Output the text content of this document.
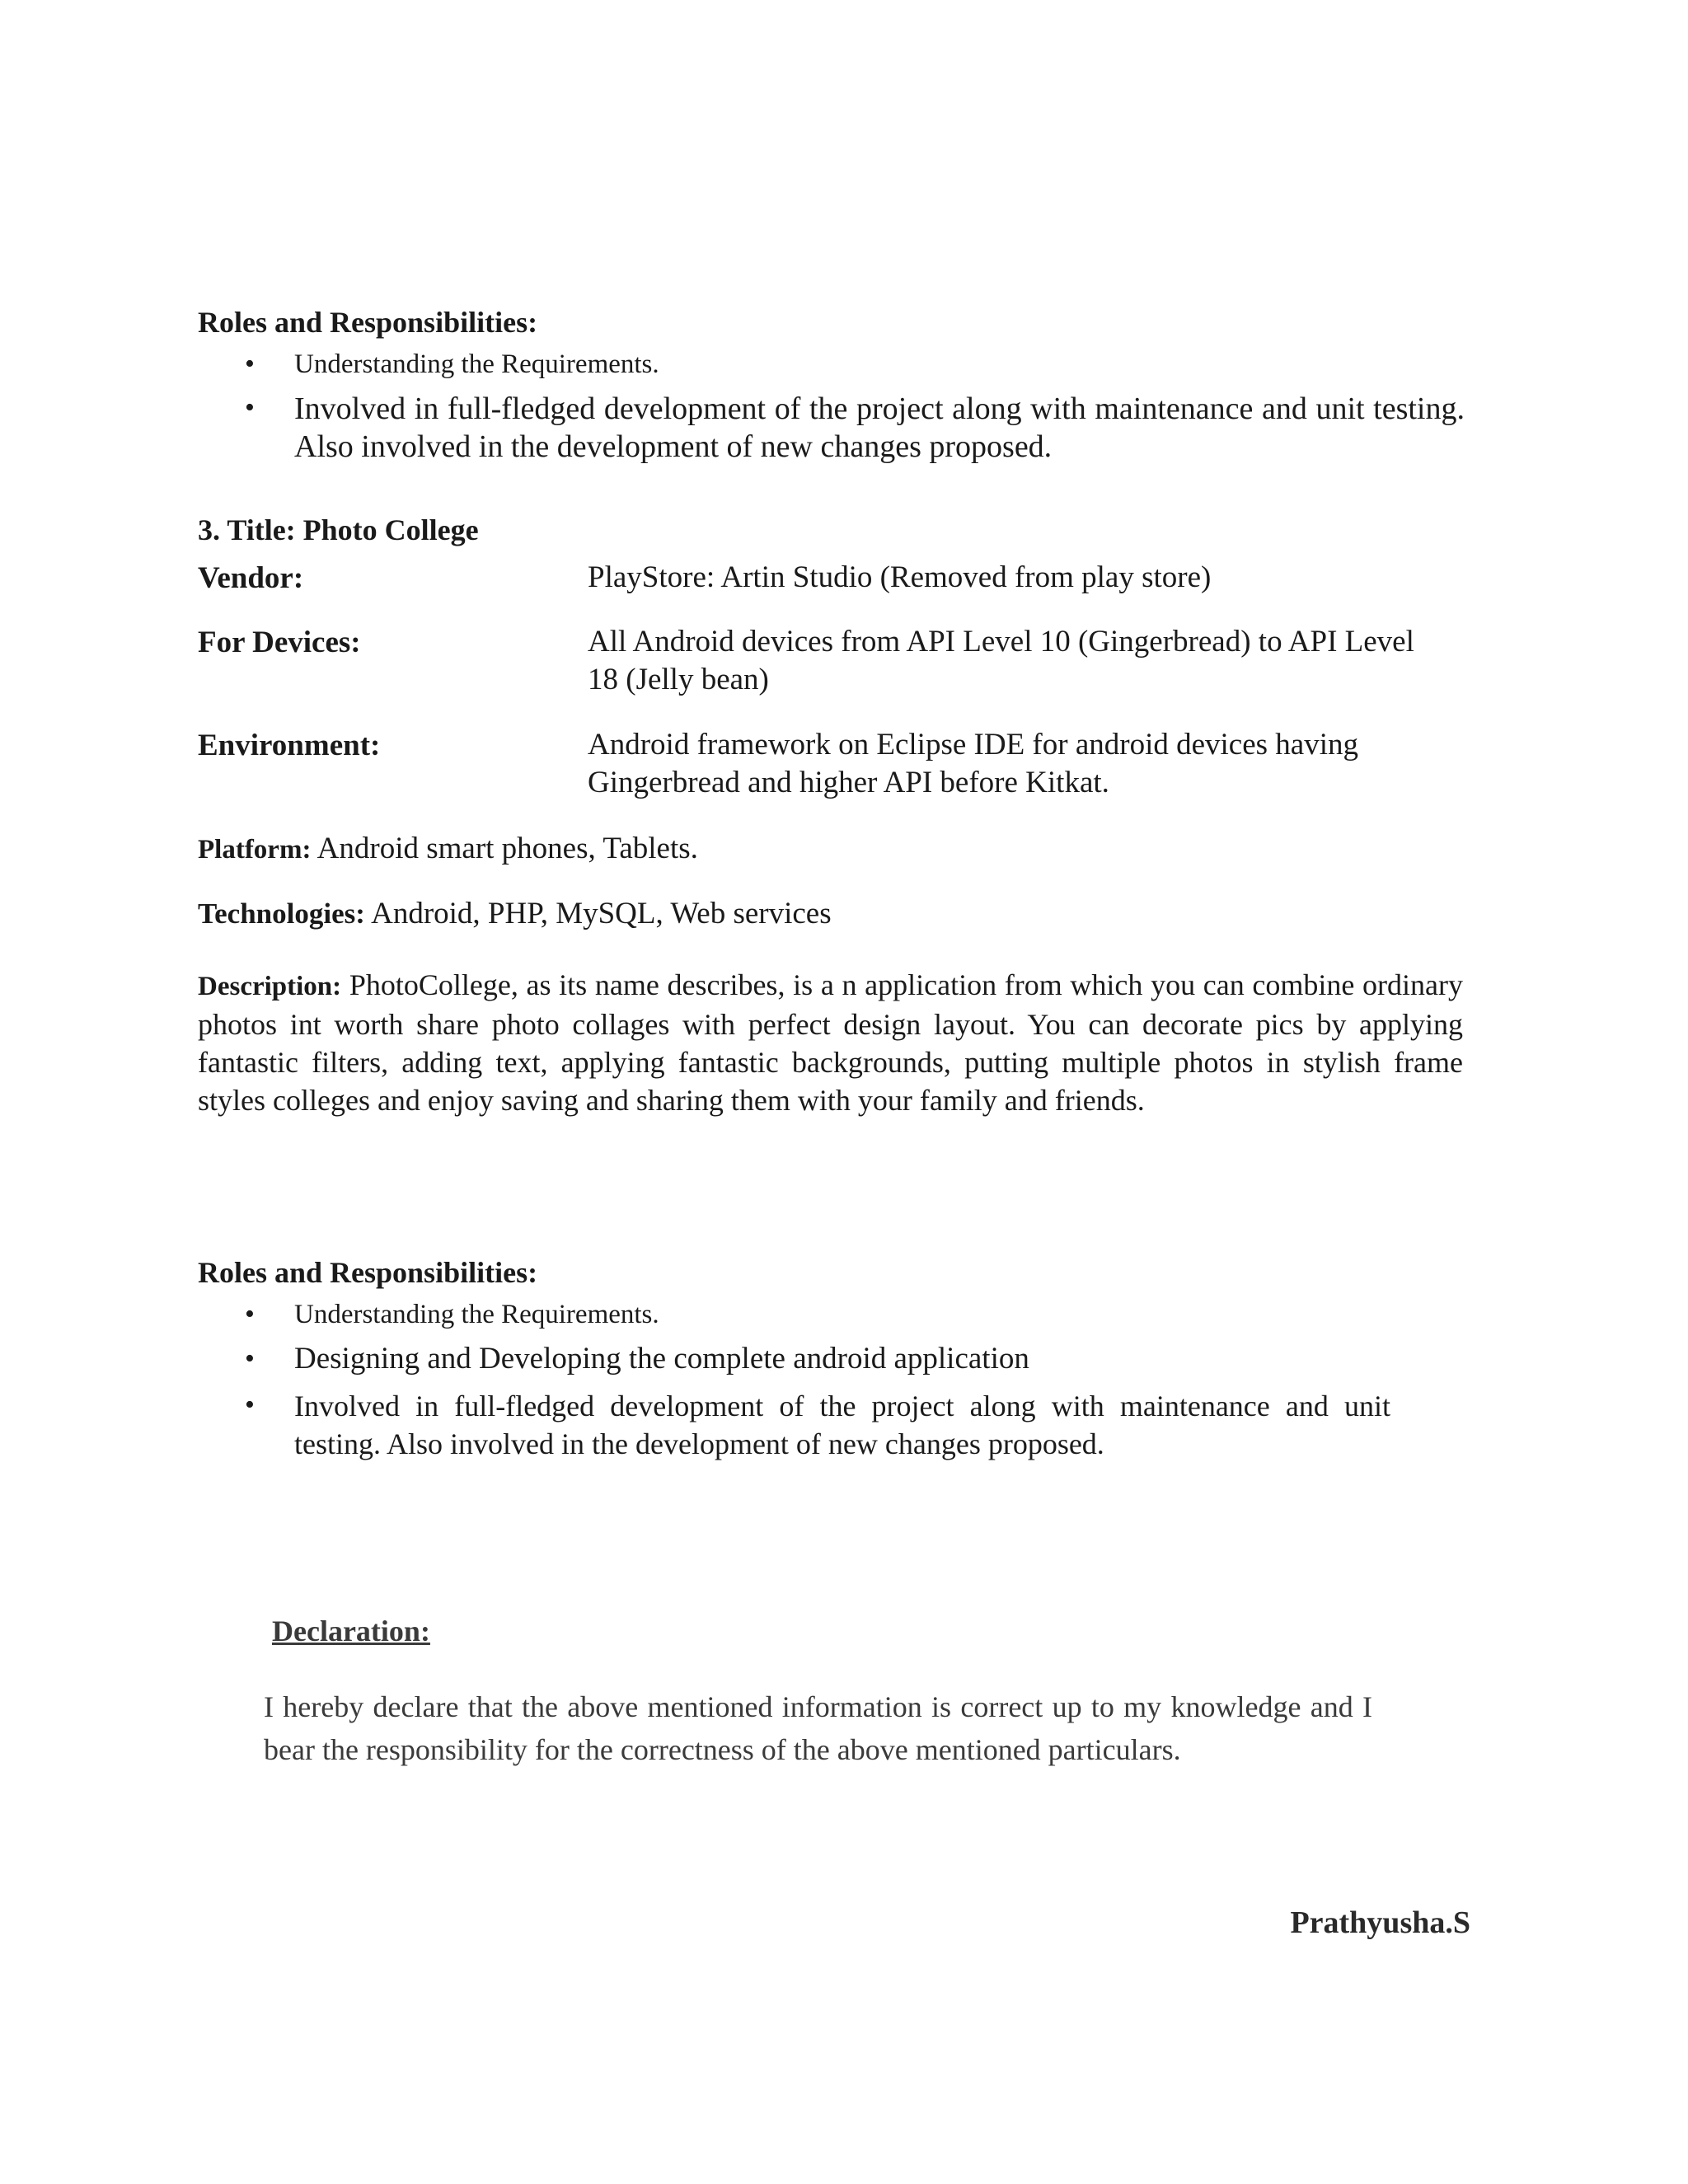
Roles and Responsibilities:
• Understanding the Requirements.
• Involved in full-fledged development of the project along with maintenance and unit testing. Also involved in the development of new changes proposed.
3. Title: Photo College
Vendor:	PlayStore: Artin Studio (Removed from play store)
For Devices:	All Android devices from API Level 10 (Gingerbread) to API Level 18 (Jelly bean)
Environment:	Android framework on Eclipse IDE for android devices having Gingerbread and higher API before Kitkat.
Platform: Android smart phones, Tablets.
Technologies: Android, PHP, MySQL, Web services
Description: PhotoCollege, as its name describes, is a n application from which you can combine ordinary photos int worth share photo collages with perfect design layout. You can decorate pics by applying fantastic filters, adding text, applying fantastic backgrounds, putting multiple photos in stylish frame styles colleges and enjoy saving and sharing them with your family and friends.
Roles and Responsibilities:
• Understanding the Requirements.
• Designing and Developing the complete android application
• Involved in full-fledged development of the project along with maintenance and unit testing. Also involved in the development of new changes proposed.
Declaration:
I hereby declare that the above mentioned information is correct up to my knowledge and I bear the responsibility for the correctness of the above mentioned particulars.
Prathyusha.S
